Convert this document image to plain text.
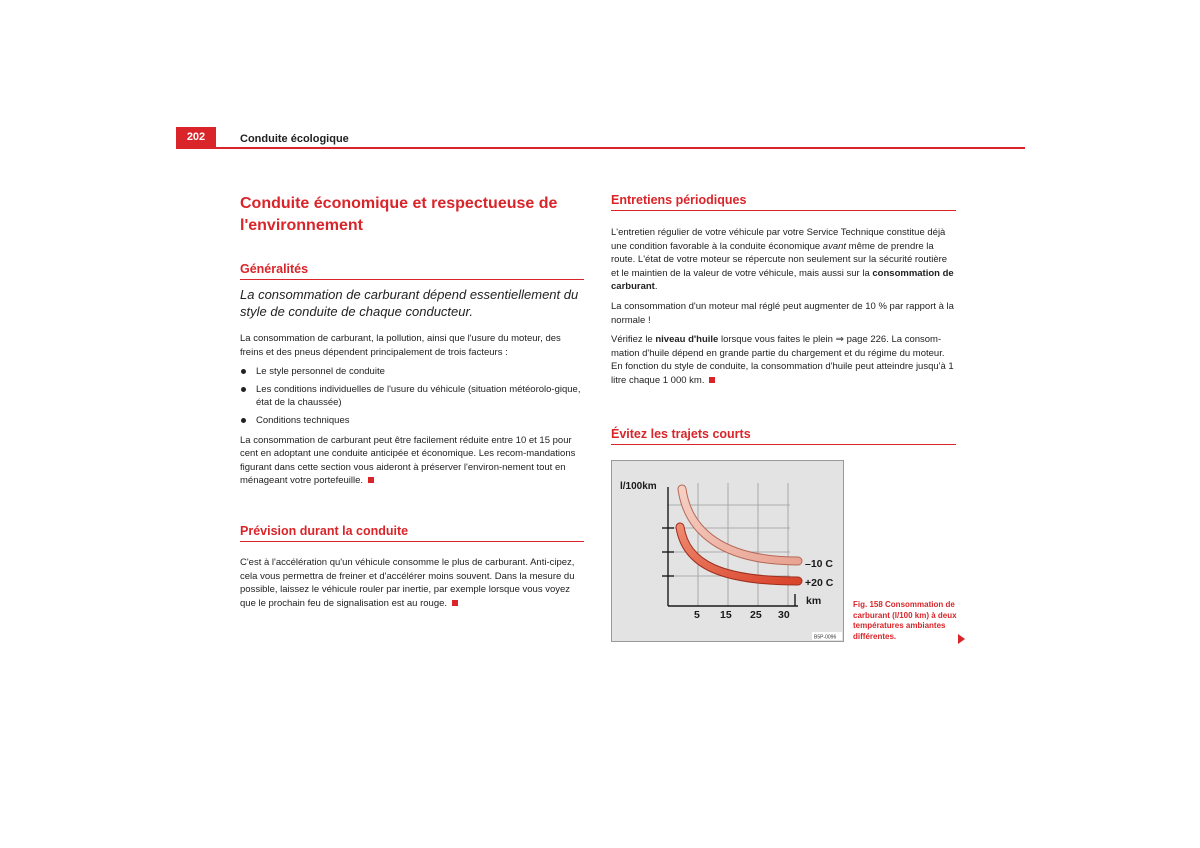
202	Conduite écologique
Conduite économique et respectueuse de l'environnement
Généralités

La consommation de carburant dépend essentiellement du style de conduite de chaque conducteur.

La consommation de carburant, la pollution, ainsi que l'usure du moteur, des freins et des pneus dépendent principalement de trois facteurs :

Le style personnel de conduite
Les conditions individuelles de l'usure du véhicule (situation météorolo-gique, état de la chaussée)
Conditions techniques

La consommation de carburant peut être facilement réduite entre 10 et 15 pour cent en adoptant une conduite anticipée et économique. Les recom-mandations figurant dans cette section vous aideront à préserver l'environ-nement tout en ménageant votre portefeuille.

Prévision durant la conduite

C'est à l'accélération qu'un véhicule consomme le plus de carburant. Anti-cipez, cela vous permettra de freiner et d'accélérer moins souvent. Dans la mesure du possible, laissez le véhicule rouler par inertie, par exemple lorsque vous voyez que le prochain feu de signalisation est au rouge.

Entretiens périodiques

L'entretien régulier de votre véhicule par votre Service Technique constitue déjà une condition favorable à la conduite économique avant même de prendre la route. L'état de votre moteur se répercute non seulement sur la sécurité routière et le maintien de la valeur de votre véhicule, mais aussi sur la consommation de carburant.

La consommation d'un moteur mal réglé peut augmenter de 10 % par rapport à la normale !

Vérifiez le niveau d'huile lorsque vous faites le plein ⇒ page 226. La consom-mation d'huile dépend en grande partie du chargement et du régime du moteur. En fonction du style de conduite, la consommation d'huile peut atteindre jusqu'à 1 litre chaque 1 000 km.

Évitez les trajets courts
l/100km
–10 C
+20 C
km
5 15 25 30
B5P-0096
Fig. 158 Consommation de carburant (l/100 km) à deux températures ambiantes différentes.
